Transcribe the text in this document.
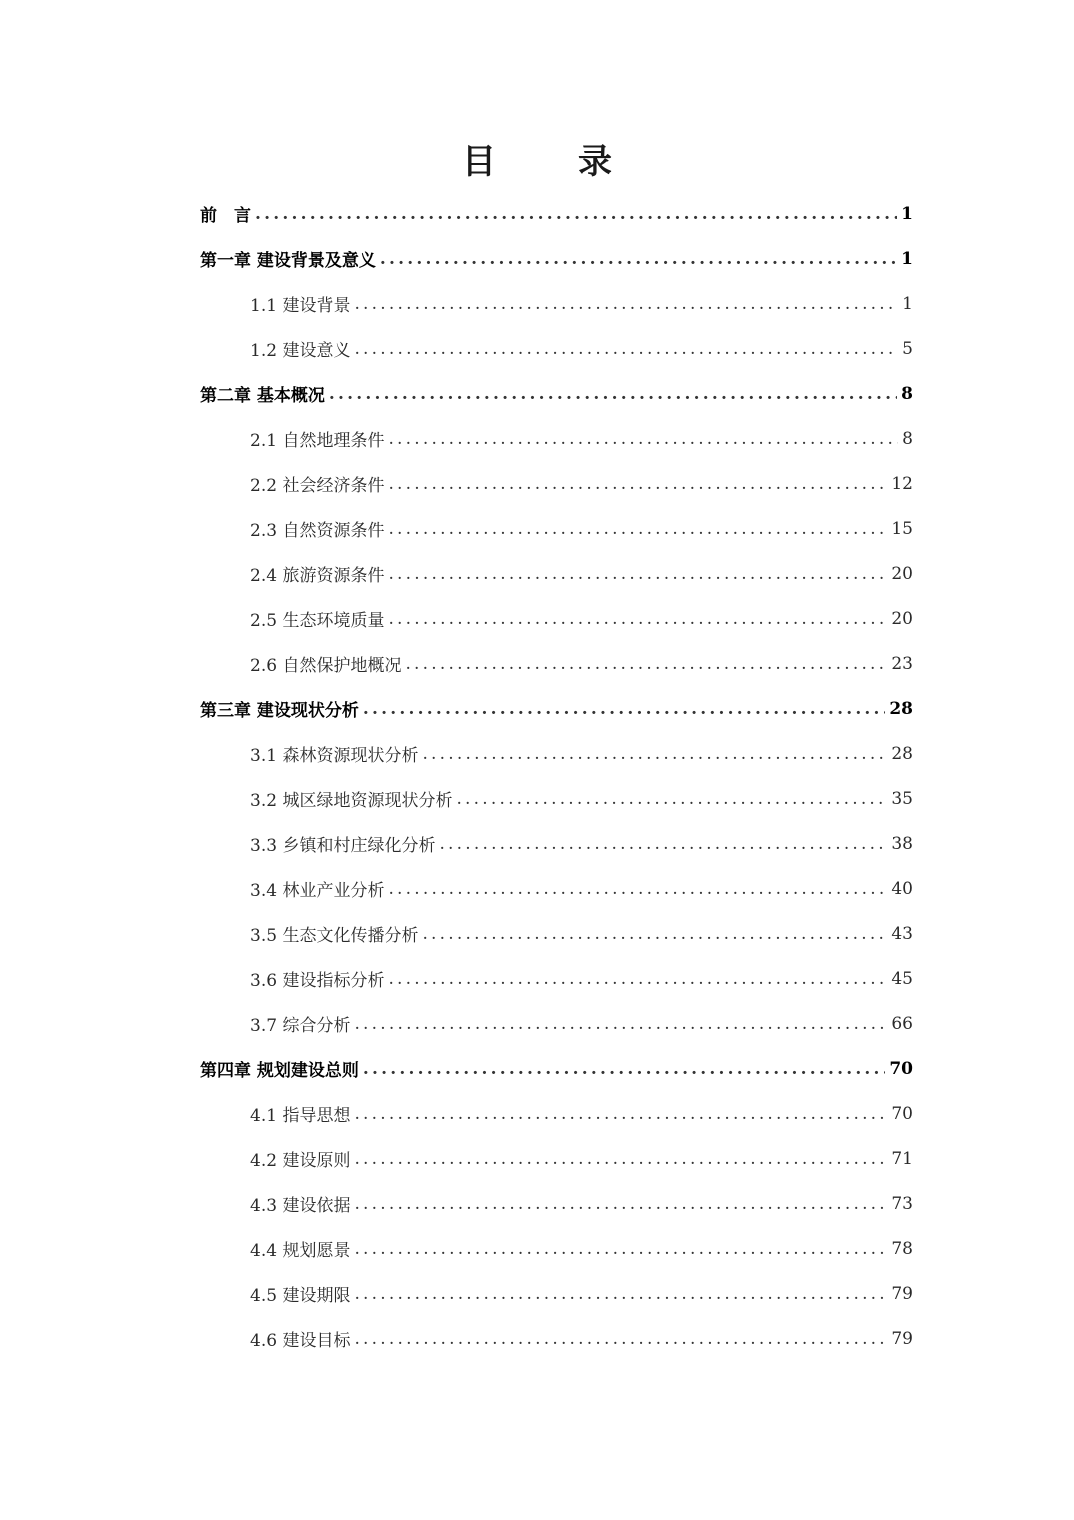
目　录
前　言 .....	1
第一章 建设背景及意义 .....	1
1.1 建设背景 .....	1
1.2 建设意义 .....	5
第二章 基本概况 .....	8
2.1 自然地理条件 .....	8
2.2 社会经济条件 .....	12
2.3 自然资源条件 .....	15
2.4 旅游资源条件 .....	20
2.5 生态环境质量 .....	20
2.6 自然保护地概况 .....	23
第三章 建设现状分析 .....	28
3.1 森林资源现状分析 .....	28
3.2 城区绿地资源现状分析 .....	35
3.3 乡镇和村庄绿化分析 .....	38
3.4 林业产业分析 .....	40
3.5 生态文化传播分析 .....	43
3.6 建设指标分析 .....	45
3.7 综合分析 .....	66
第四章 规划建设总则 .....	70
4.1 指导思想 .....	70
4.2 建设原则 .....	71
4.3 建设依据 .....	73
4.4 规划愿景 .....	78
4.5 建设期限 .....	79
4.6 建设目标 .....	79
